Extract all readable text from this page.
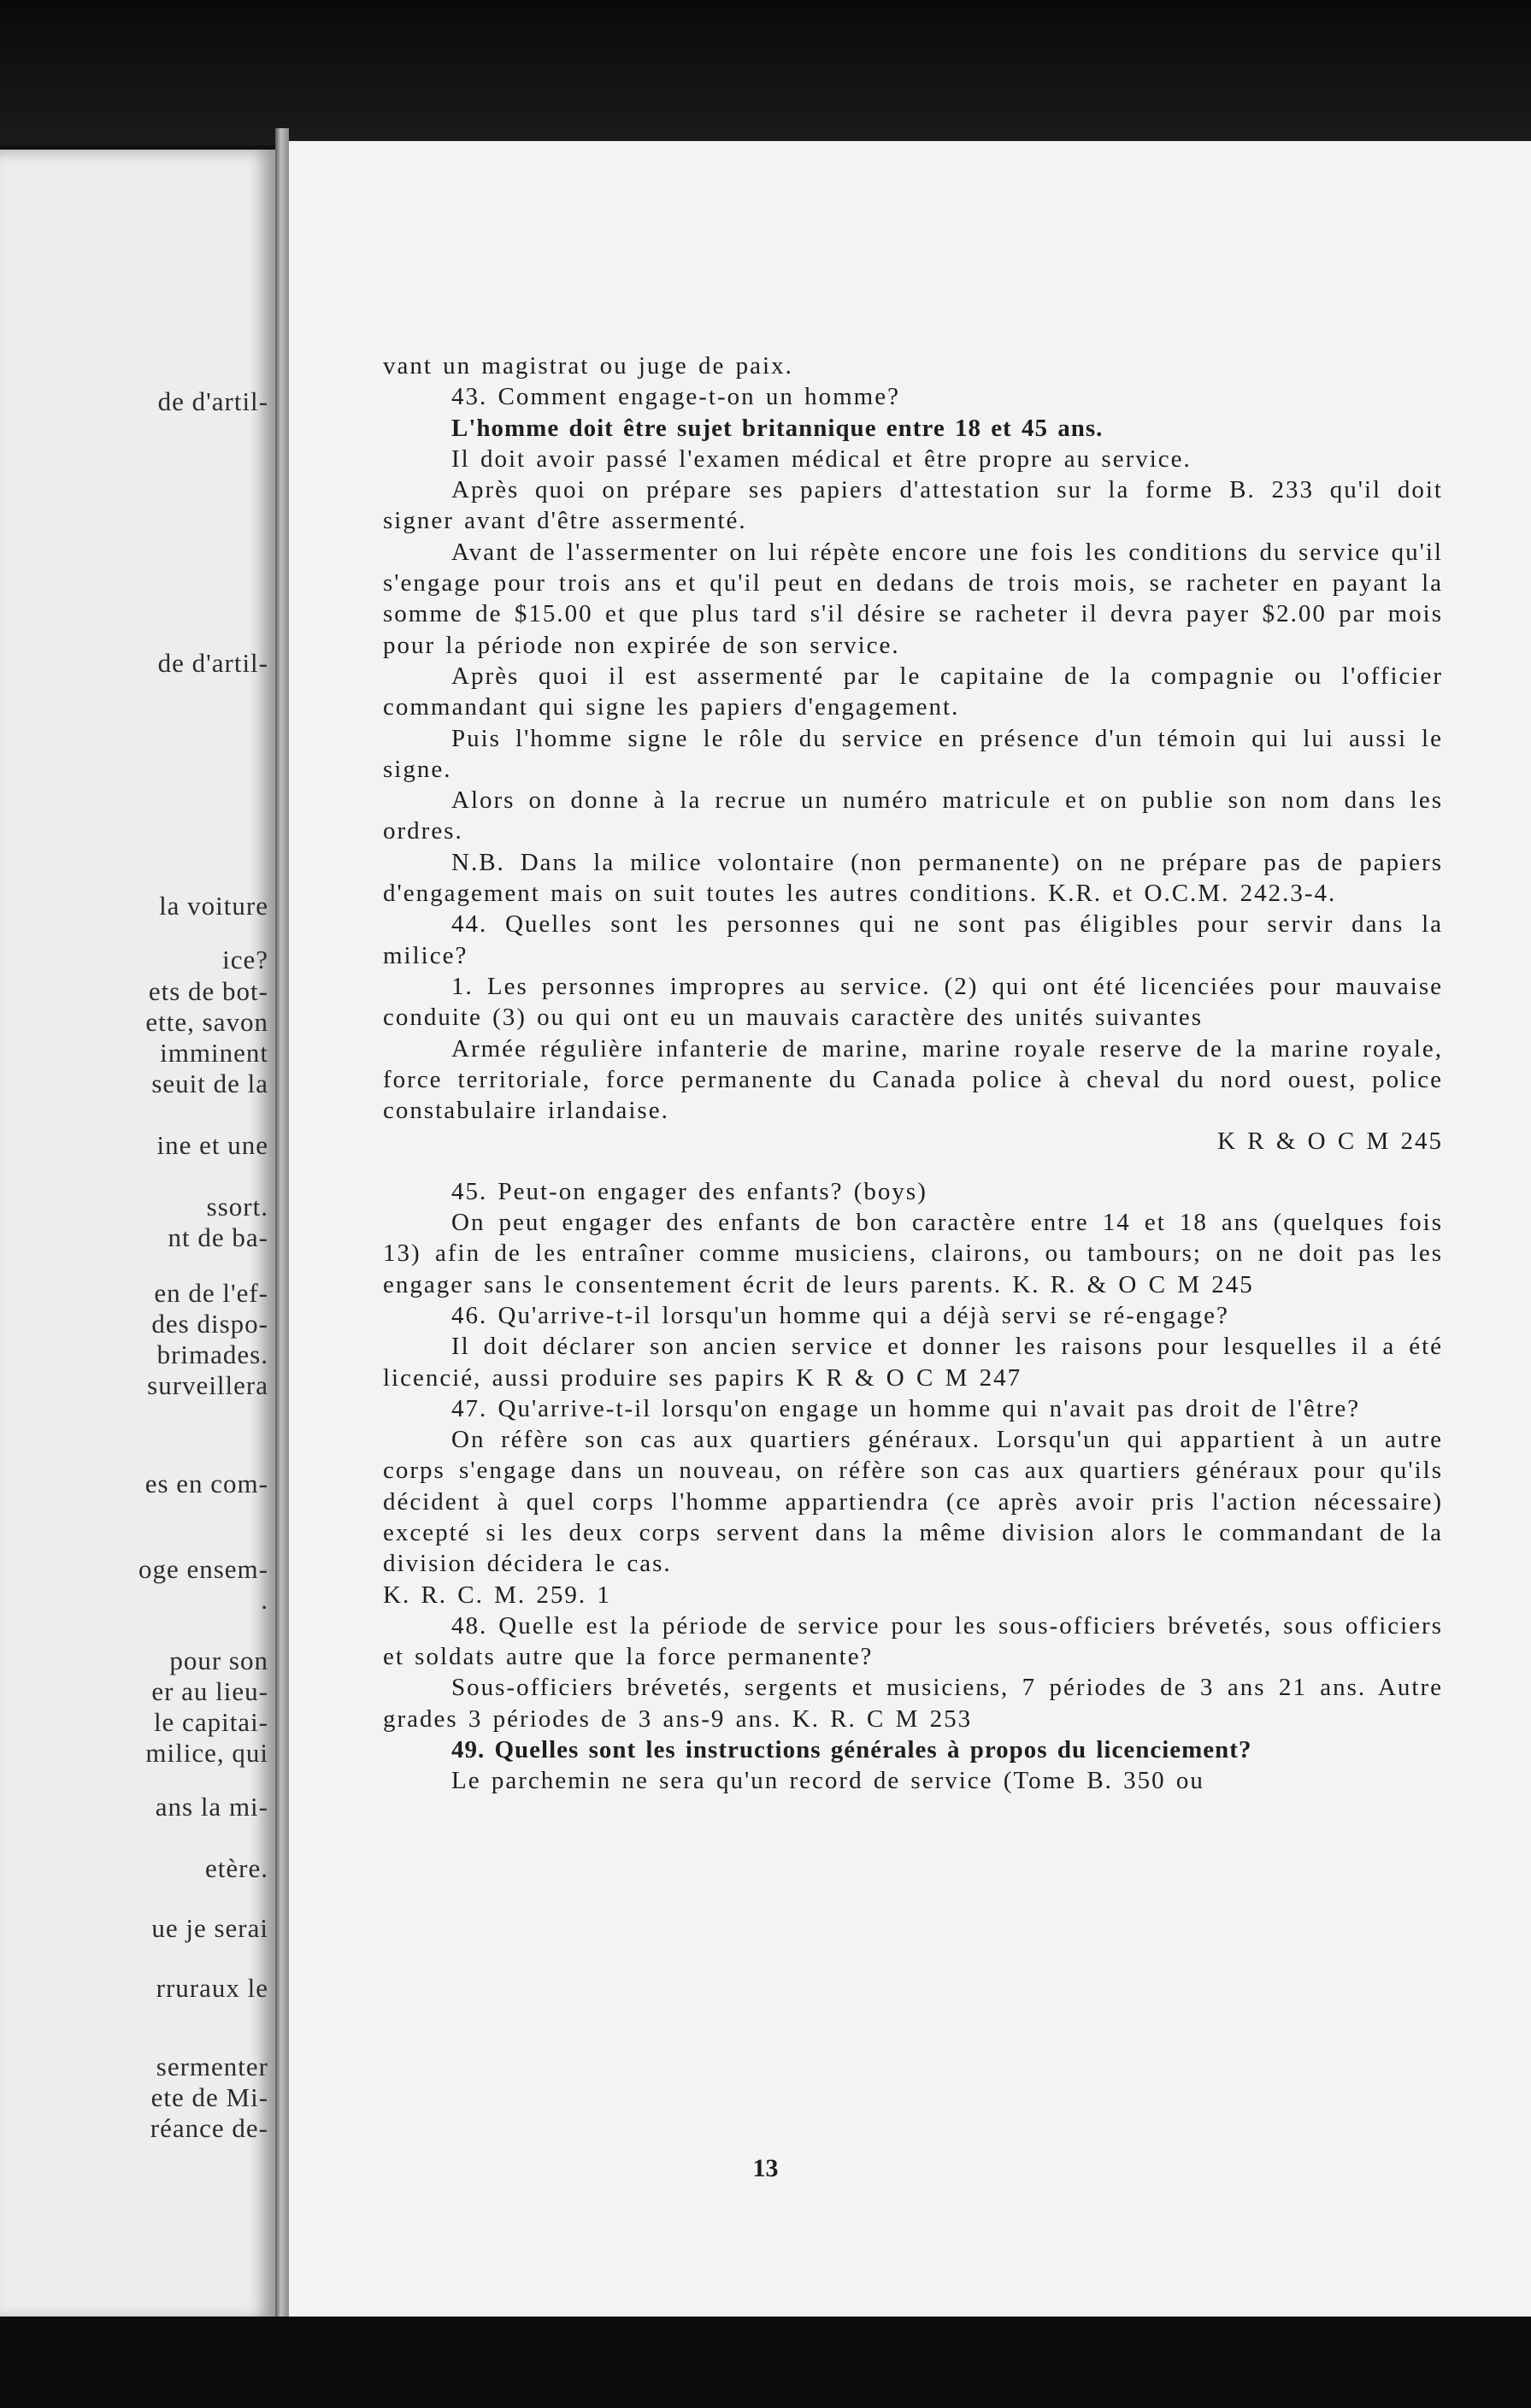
de d'artil-
de d'artil-
la voiture
ice?
ets de bot-
ette, savon
imminent
seuit de la
ine et une
ssort.
nt de ba-
en de l'ef-
des dispo-
brimades.
surveillera
es en com-
oge ensem-
.
pour son
er au lieu-
le capitai-
milice, qui
ans la mi-
etère.
ue je serai
rruraux le
sermenter
ete de Mi-
réance de-

vant un magistrat ou juge de paix.

43. Comment engage-t-on un homme?

L'homme doit être sujet britannique entre 18 et 45 ans.

Il doit avoir passé l'examen médical et être propre au service.

Après quoi on prépare ses papiers d'attestation sur la forme B. 233 qu'il doit signer avant d'être assermenté.

Avant de l'assermenter on lui répète encore une fois les conditions du service qu'il s'engage pour trois ans et qu'il peut en dedans de trois mois, se racheter en payant la somme de $15.00 et que plus tard s'il désire se racheter il devra payer $2.00 par mois pour la période non expirée de son service.

Après quoi il est assermenté par le capitaine de la compagnie ou l'officier commandant qui signe les papiers d'engagement.

Puis l'homme signe le rôle du service en présence d'un témoin qui lui aussi le signe.

Alors on donne à la recrue un numéro matricule et on publie son nom dans les ordres.

N.B. Dans la milice volontaire (non permanente) on ne prépare pas de papiers d'engagement mais on suit toutes les autres conditions. K.R. et O.C.M. 242.3-4.

44. Quelles sont les personnes qui ne sont pas éligibles pour servir dans la milice?

1. Les personnes impropres au service. (2) qui ont été licenciées pour mauvaise conduite (3) ou qui ont eu un mauvais caractère des unités suivantes

Armée régulière infanterie de marine, marine royale reserve de la marine royale, force territoriale, force permanente du Canada police à cheval du nord ouest, police constabulaire irlandaise.

K R & O C M 245

45. Peut-on engager des enfants? (boys)

On peut engager des enfants de bon caractère entre 14 et 18 ans (quelques fois 13) afin de les entraîner comme musiciens, clairons, ou tambours; on ne doit pas les engager sans le consentement écrit de leurs parents. K. R. & O C M 245

46. Qu'arrive-t-il lorsqu'un homme qui a déjà servi se ré-engage?

Il doit déclarer son ancien service et donner les raisons pour lesquelles il a été licencié, aussi produire ses papirs K R & O C M 247

47. Qu'arrive-t-il lorsqu'on engage un homme qui n'avait pas droit de l'être?

On réfère son cas aux quartiers généraux. Lorsqu'un qui appartient à un autre corps s'engage dans un nouveau, on réfère son cas aux quartiers généraux pour qu'ils décident à quel corps l'homme appartiendra (ce après avoir pris l'action nécessaire) excepté si les deux corps servent dans la même division alors le commandant de la division décidera le cas.

K. R. C. M. 259. 1

48. Quelle est la période de service pour les sous-officiers brévetés, sous officiers et soldats autre que la force permanente?

Sous-officiers brévetés, sergents et musiciens, 7 périodes de 3 ans 21 ans. Autre grades 3 périodes de 3 ans-9 ans. K. R. C M 253

49. Quelles sont les instructions générales à propos du licenciement?

Le parchemin ne sera qu'un record de service (Tome B. 350 ou

13
